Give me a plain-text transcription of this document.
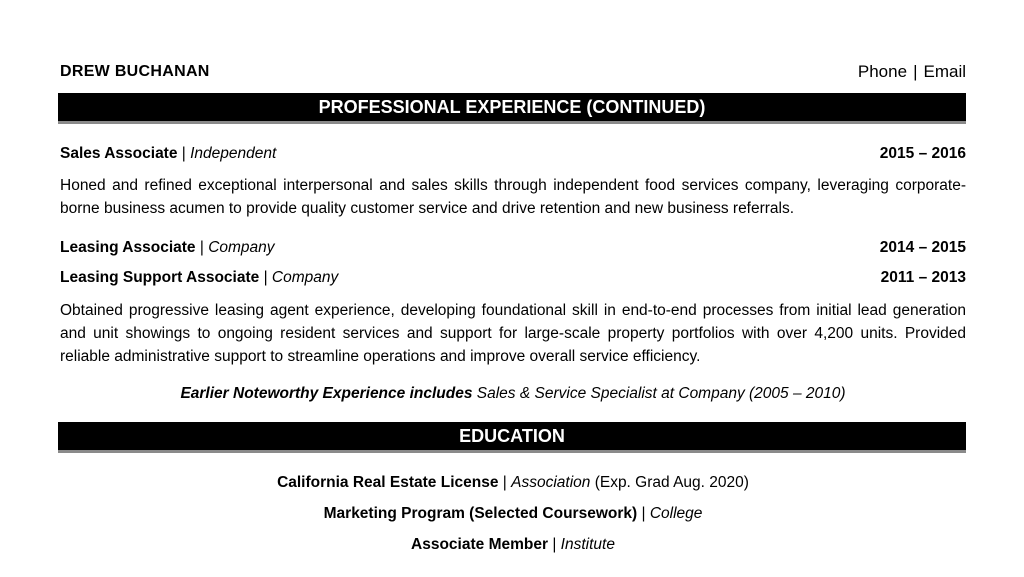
DREW BUCHANAN	Phone | Email
PROFESSIONAL EXPERIENCE (CONTINUED)
Sales Associate | Independent	2015 – 2016
Honed and refined exceptional interpersonal and sales skills through independent food services company, leveraging corporate-borne business acumen to provide quality customer service and drive retention and new business referrals.
Leasing Associate | Company	2014 – 2015
Leasing Support Associate | Company	2011 – 2013
Obtained progressive leasing agent experience, developing foundational skill in end-to-end processes from initial lead generation and unit showings to ongoing resident services and support for large-scale property portfolios with over 4,200 units. Provided reliable administrative support to streamline operations and improve overall service efficiency.
Earlier Noteworthy Experience includes Sales & Service Specialist at Company (2005 – 2010)
EDUCATION
California Real Estate License | Association (Exp. Grad Aug. 2020)
Marketing Program (Selected Coursework) | College
Associate Member | Institute
